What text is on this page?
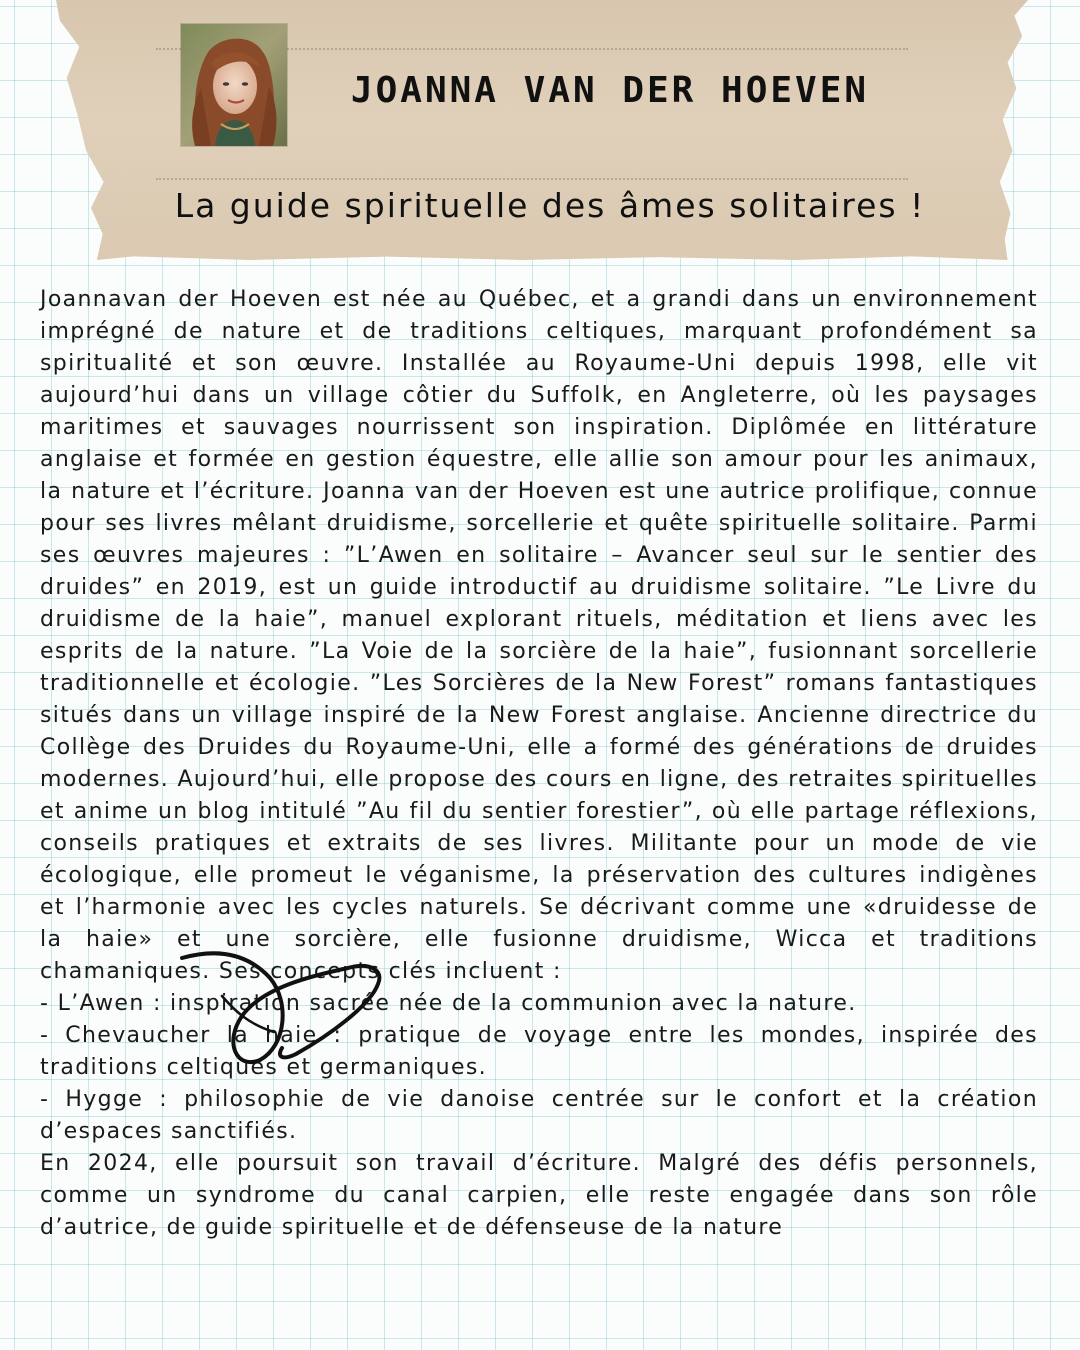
JOANNA VAN DER HOEVEN
La guide spirituelle des âmes solitaires !

Joannavan der Hoeven est née au Québec, et a grandi dans un environnement imprégné de nature et de traditions celtiques, marquant profondément sa spiritualité et son œuvre. Installée au Royaume-Uni depuis 1998, elle vit aujourd’hui dans un village côtier du Suffolk, en Angleterre, où les paysages maritimes et sauvages nourrissent son inspiration. Diplômée en littérature anglaise et formée en gestion équestre, elle allie son amour pour les animaux, la nature et l’écriture. Joanna van der Hoeven est une autrice prolifique, connue pour ses livres mêlant druidisme, sorcellerie et quête spirituelle solitaire. Parmi ses œuvres majeures : ”L’Awen en solitaire – Avancer seul sur le sentier des druides” en 2019, est un guide introductif au druidisme solitaire. ”Le Livre du druidisme de la haie”, manuel explorant rituels, méditation et liens avec les esprits de la nature. ”La Voie de la sorcière de la haie”, fusionnant sorcellerie traditionnelle et écologie. ”Les Sorcières de la New Forest” romans fantastiques situés dans un village inspiré de la New Forest anglaise. Ancienne directrice du Collège des Druides du Royaume-Uni, elle a formé des générations de druides modernes. Aujourd’hui, elle propose des cours en ligne, des retraites spirituelles et anime un blog intitulé ”Au fil du sentier forestier”, où elle partage réflexions, conseils pratiques et extraits de ses livres. Militante pour un mode de vie écologique, elle promeut le véganisme, la préservation des cultures indigènes et l’harmonie avec les cycles naturels. Se décrivant comme une «druidesse de la haie» et une sorcière, elle fusionne druidisme, Wicca et traditions chamaniques. Ses concepts clés incluent :

- L’Awen : inspiration sacrée née de la communion avec la nature.

- Chevaucher la haie : pratique de voyage entre les mondes, inspirée des traditions celtiques et germaniques.

- Hygge : philosophie de vie danoise centrée sur le confort et la création d’espaces sanctifiés.

En 2024, elle poursuit son travail d’écriture. Malgré des défis personnels, comme un syndrome du canal carpien, elle reste engagée dans son rôle d’autrice, de guide spirituelle et de défenseuse de la nature
